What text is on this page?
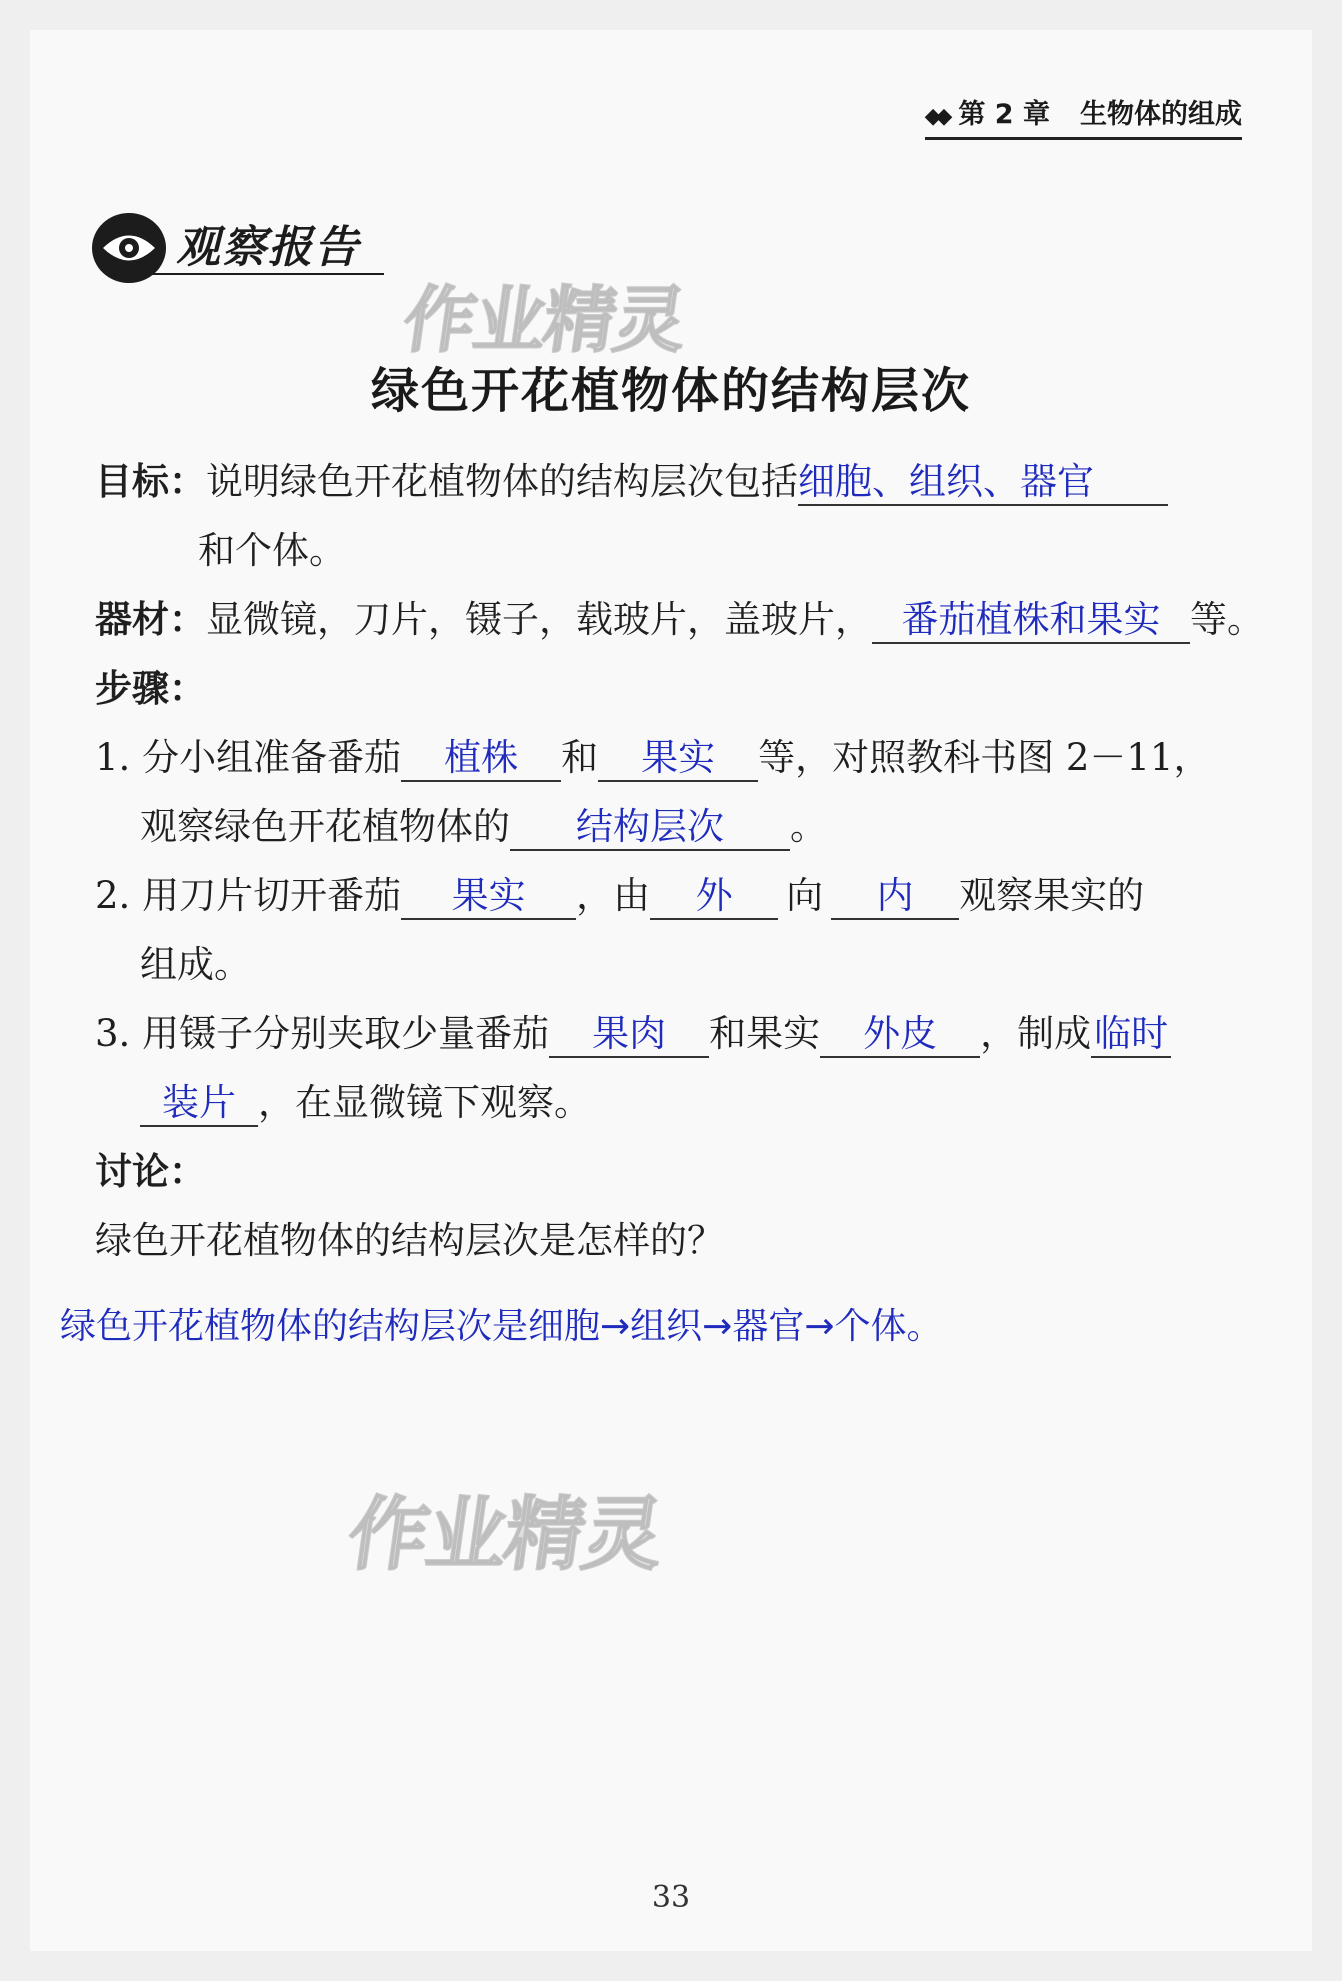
◆◆ 第 2 章 生物体的组成
观察报告
作业精灵
作业精灵
绿色开花植物体的结构层次
目标：说明绿色开花植物体的结构层次包括细胞、组织、器官
和个体。
器材：显微镜，刀片，镊子，载玻片，盖玻片， 番茄植株和果实 等。
步骤：
1. 分小组准备番茄 植株 和 果实 等，对照教科书图 2－11，
观察绿色开花植物体的 结构层次 。
2. 用刀片切开番茄 果实 ，由 外 向 内 观察果实的
组成。
3. 用镊子分别夹取少量番茄 果肉 和果实 外皮 ，制成临时
装片 ，在显微镜下观察。
讨论：
绿色开花植物体的结构层次是怎样的？
绿色开花植物体的结构层次是细胞→组织→器官→个体。
33
